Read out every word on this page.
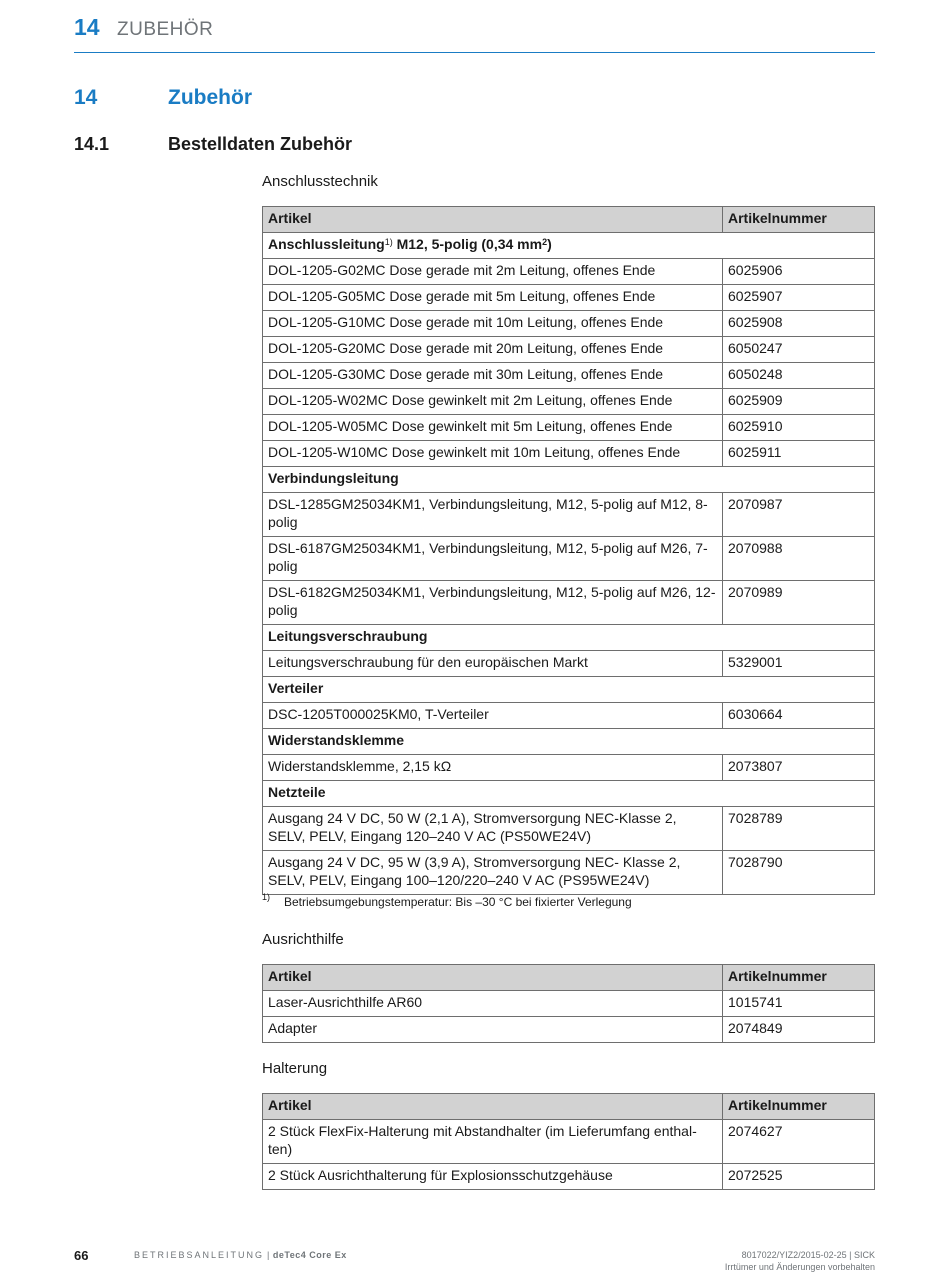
14 ZUBEHÖR
14	Zubehör
14.1	Bestelldaten Zubehör
Anschlusstechnik
Artikel	Artikelnummer
Anschlussleitung$^{1)}$ M12, 5-polig (0,34 $mm^2$)	
DOL-1205-G02MC Dose gerade mit 2m Leitung, offenes Ende	6025906
DOL-1205-G05MC Dose gerade mit 5m Leitung, offenes Ende	6025907
DOL-1205-G10MC Dose gerade mit 10m Leitung, offenes Ende	6025908
DOL-1205-G20MC Dose gerade mit 20m Leitung, offenes Ende	6050247
DOL-1205-G30MC Dose gerade mit 30m Leitung, offenes Ende	6050248
DOL-1205-W02MC Dose gewinkelt mit 2m Leitung, offenes Ende	6025909
DOL-1205-W05MC Dose gewinkelt mit 5m Leitung, offenes Ende	6025910
DOL-1205-W10MC Dose gewinkelt mit 10m Leitung, offenes Ende	6025911
Verbindungsleitung	
DSL-1285GM25034KM1, Verbindungsleitung, M12, 5-polig auf M12, 8-polig	2070987
DSL-6187GM25034KM1, Verbindungsleitung, M12, 5-polig auf M26, 7-polig	2070988
DSL-6182GM25034KM1, Verbindungsleitung, M12, 5-polig auf M26, 12-polig	2070989
Leitungsverschraubung	
Leitungsverschraubung für den europäischen Markt	5329001
Verteiler	
DSC-1205T000025KM0, T-Verteiler	6030664
Widerstandsklemme	
Widerstandsklemme, 2,15 kΩ	2073807
Netzteile	
Ausgang 24 V DC, 50 W (2,1 A), Stromversorgung NEC-Klasse 2, SELV, PELV, Eingang 120–240 V AC (PS50WE24V)	7028789
Ausgang 24 V DC, 95 W (3,9 A), Stromversorgung NEC- Klasse 2, SELV, PELV, Eingang 100–120/220–240 V AC (PS95WE24V)	7028790
1) Betriebsumgebungstemperatur: Bis –30 °C bei fixierter Verlegung
Ausrichthilfe
Artikel	Artikelnummer
Laser-Ausrichthilfe AR60	1015741
Adapter	2074849
Halterung
Artikel	Artikelnummer
2 Stück FlexFix-Halterung mit Abstandhalter (im Lieferumfang enthal-ten)	2074627
2 Stück Ausrichthalterung für Explosionsschutzgehäuse	2072525
66	BETRIEBSANLEITUNG | deTec4 Core Ex	8017022/YIZ2/2015-02-25 | SICK
Irrtümer und Änderungen vorbehalten
